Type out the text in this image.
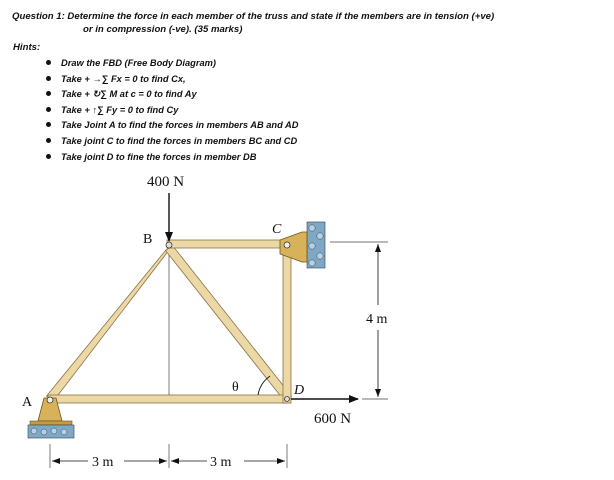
Question 1: Determine the force in each member of the truss and state if the members are in tension (+ve)
or in compression (-ve). (35 marks)
Hints:
Draw the FBD (Free Body Diagram)
Take + →∑ Fx = 0 to find Cx,
Take + ↻∑ M at c = 0 to find Ay
Take + ↑∑ Fy = 0 to find Cy
Take Joint A to find the forces in members AB and AD
Take joint C to find the forces in members BC and CD
Take joint D to fine the forces in member DB
400 N
600 N
B
C
D
A
θ
4 m
3 m	3 m
